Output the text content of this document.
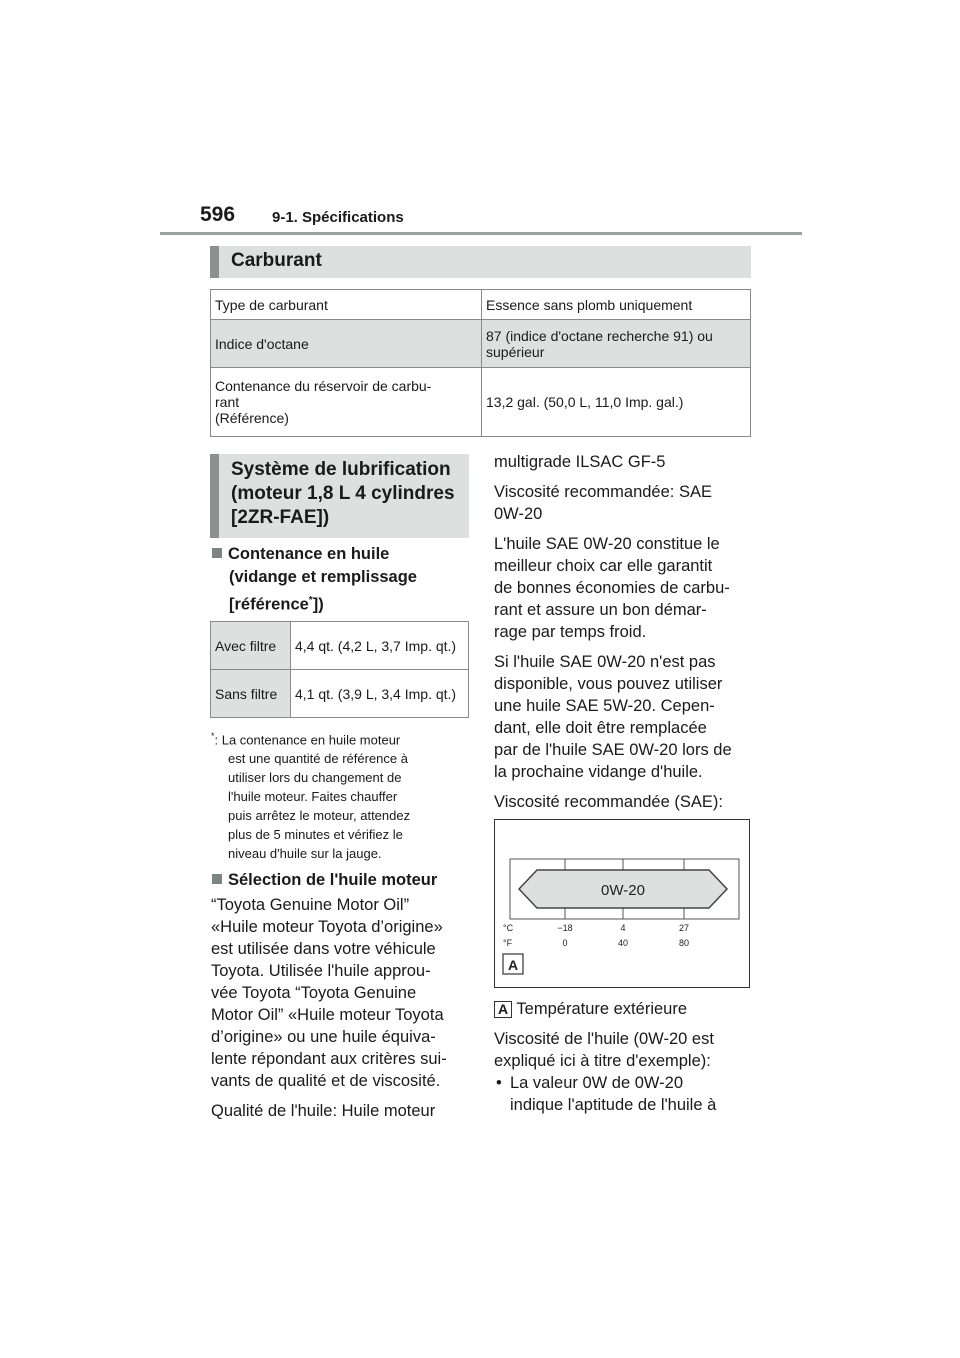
596 9-1. Spécifications
Carburant
Type de carburant	Essence sans plomb uniquement
Indice d'octane	87 (indice d'octane recherche 91) ou supérieur

Contenance du réservoir de carbu-
rant
(Référence)	13,2 gal. (50,0 L, 11,0 Imp. gal.)
Système de lubrification
(moteur 1,8 L 4 cylindres
[2ZR-FAE])
Contenance en huile
(vidange et remplissage
[référence*])
Avec filtre	4,4 qt. (4,2 L, 3,7 Imp. qt.)
Sans filtre	4,1 qt. (3,9 L, 3,4 Imp. qt.)
*: La contenance en huile moteur
est une quantité de référence à
utiliser lors du changement de
l'huile moteur. Faites chauffer
puis arrêtez le moteur, attendez
plus de 5 minutes et vérifiez le
niveau d'huile sur la jauge.
Sélection de l'huile moteur
“Toyota Genuine Motor Oil”
«Huile moteur Toyota d’origine»
est utilisée dans votre véhicule
Toyota. Utilisée l'huile approu-
vée Toyota “Toyota Genuine
Motor Oil” «Huile moteur Toyota
d’origine» ou une huile équiva-
lente répondant aux critères sui-
vants de qualité et de viscosité.
Qualité de l'huile: Huile moteur
multigrade ILSAC GF-5
Viscosité recommandée: SAE
0W-20
L'huile SAE 0W-20 constitue le
meilleur choix car elle garantit
de bonnes économies de carbu-
rant et assure un bon démar-
rage par temps froid.
Si l'huile SAE 0W-20 n'est pas
disponible, vous pouvez utiliser
une huile SAE 5W-20. Cepen-
dant, elle doit être remplacée
par de l'huile SAE 0W-20 lors de
la prochaine vidange d'huile.
Viscosité recommandée (SAE):
0W-20
°C	−18	4	27
°F	0	40	80
A
A Température extérieure
Viscosité de l'huile (0W-20 est
expliqué ici à titre d'exemple):
• La valeur 0W de 0W-20
indique l'aptitude de l'huile à
